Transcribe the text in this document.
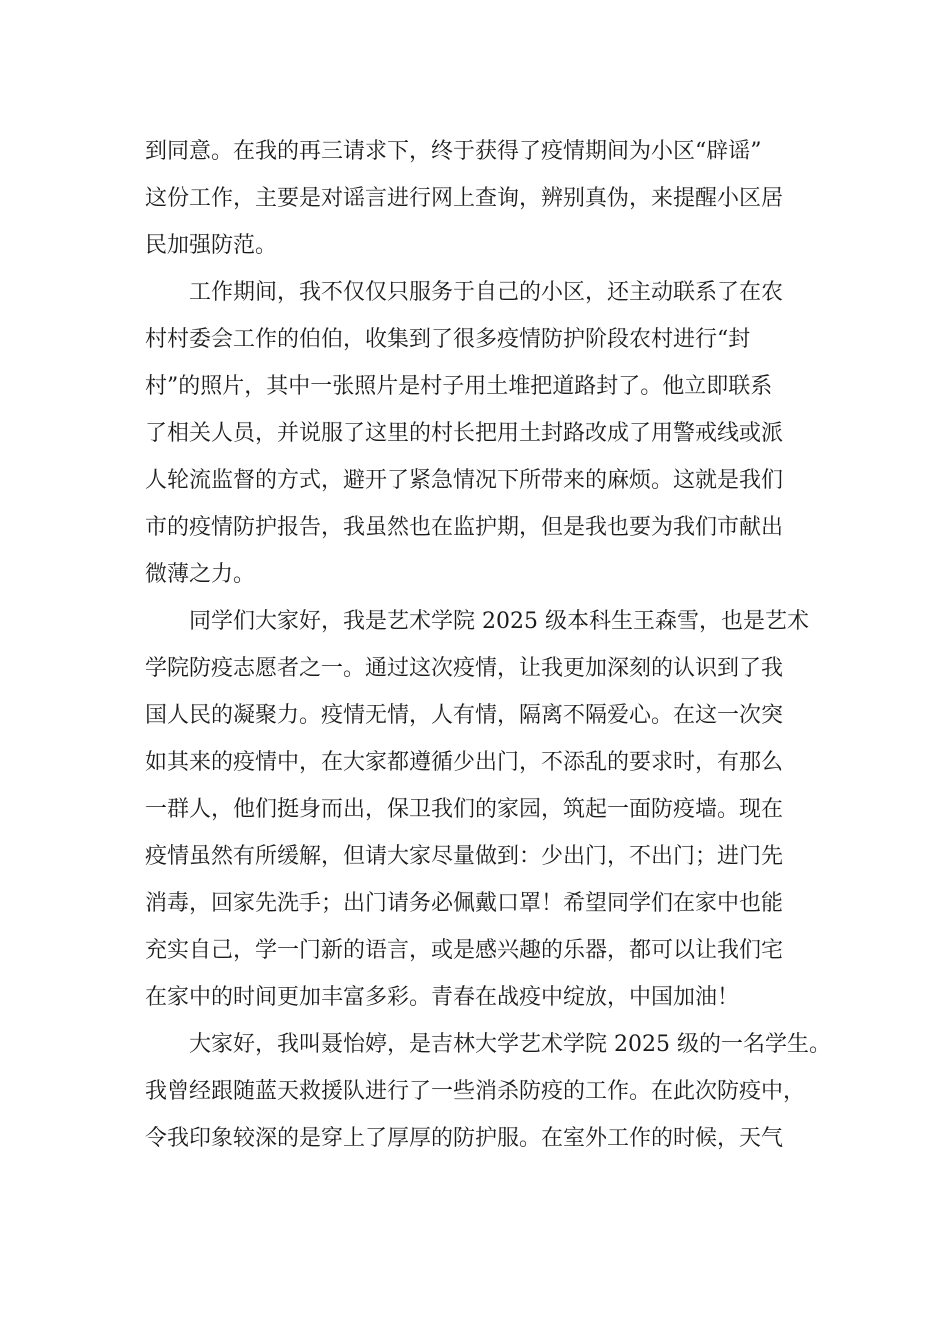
到同意。在我的再三请求下，终于获得了疫情期间为小区“辟谣”
这份工作，主要是对谣言进行网上查询，辨别真伪，来提醒小区居
民加强防范。
工作期间，我不仅仅只服务于自己的小区，还主动联系了在农
村村委会工作的伯伯，收集到了很多疫情防护阶段农村进行“封
村”的照片，其中一张照片是村子用土堆把道路封了。他立即联系
了相关人员，并说服了这里的村长把用土封路改成了用警戒线或派
人轮流监督的方式，避开了紧急情况下所带来的麻烦。这就是我们
市的疫情防护报告，我虽然也在监护期，但是我也要为我们市献出
微薄之力。
同学们大家好，我是艺术学院 2025 级本科生王森雪，也是艺术
学院防疫志愿者之一。通过这次疫情，让我更加深刻的认识到了我
国人民的凝聚力。疫情无情，人有情，隔离不隔爱心。在这一次突
如其来的疫情中，在大家都遵循少出门，不添乱的要求时，有那么
一群人，他们挺身而出，保卫我们的家园，筑起一面防疫墙。现在
疫情虽然有所缓解，但请大家尽量做到：少出门，不出门；进门先
消毒，回家先洗手；出门请务必佩戴口罩！希望同学们在家中也能
充实自己，学一门新的语言，或是感兴趣的乐器，都可以让我们宅
在家中的时间更加丰富多彩。青春在战疫中绽放，中国加油！
大家好，我叫聂怡婷，是吉林大学艺术学院 2025 级的一名学生。
我曾经跟随蓝天救援队进行了一些消杀防疫的工作。在此次防疫中，
令我印象较深的是穿上了厚厚的防护服。在室外工作的时候，天气
